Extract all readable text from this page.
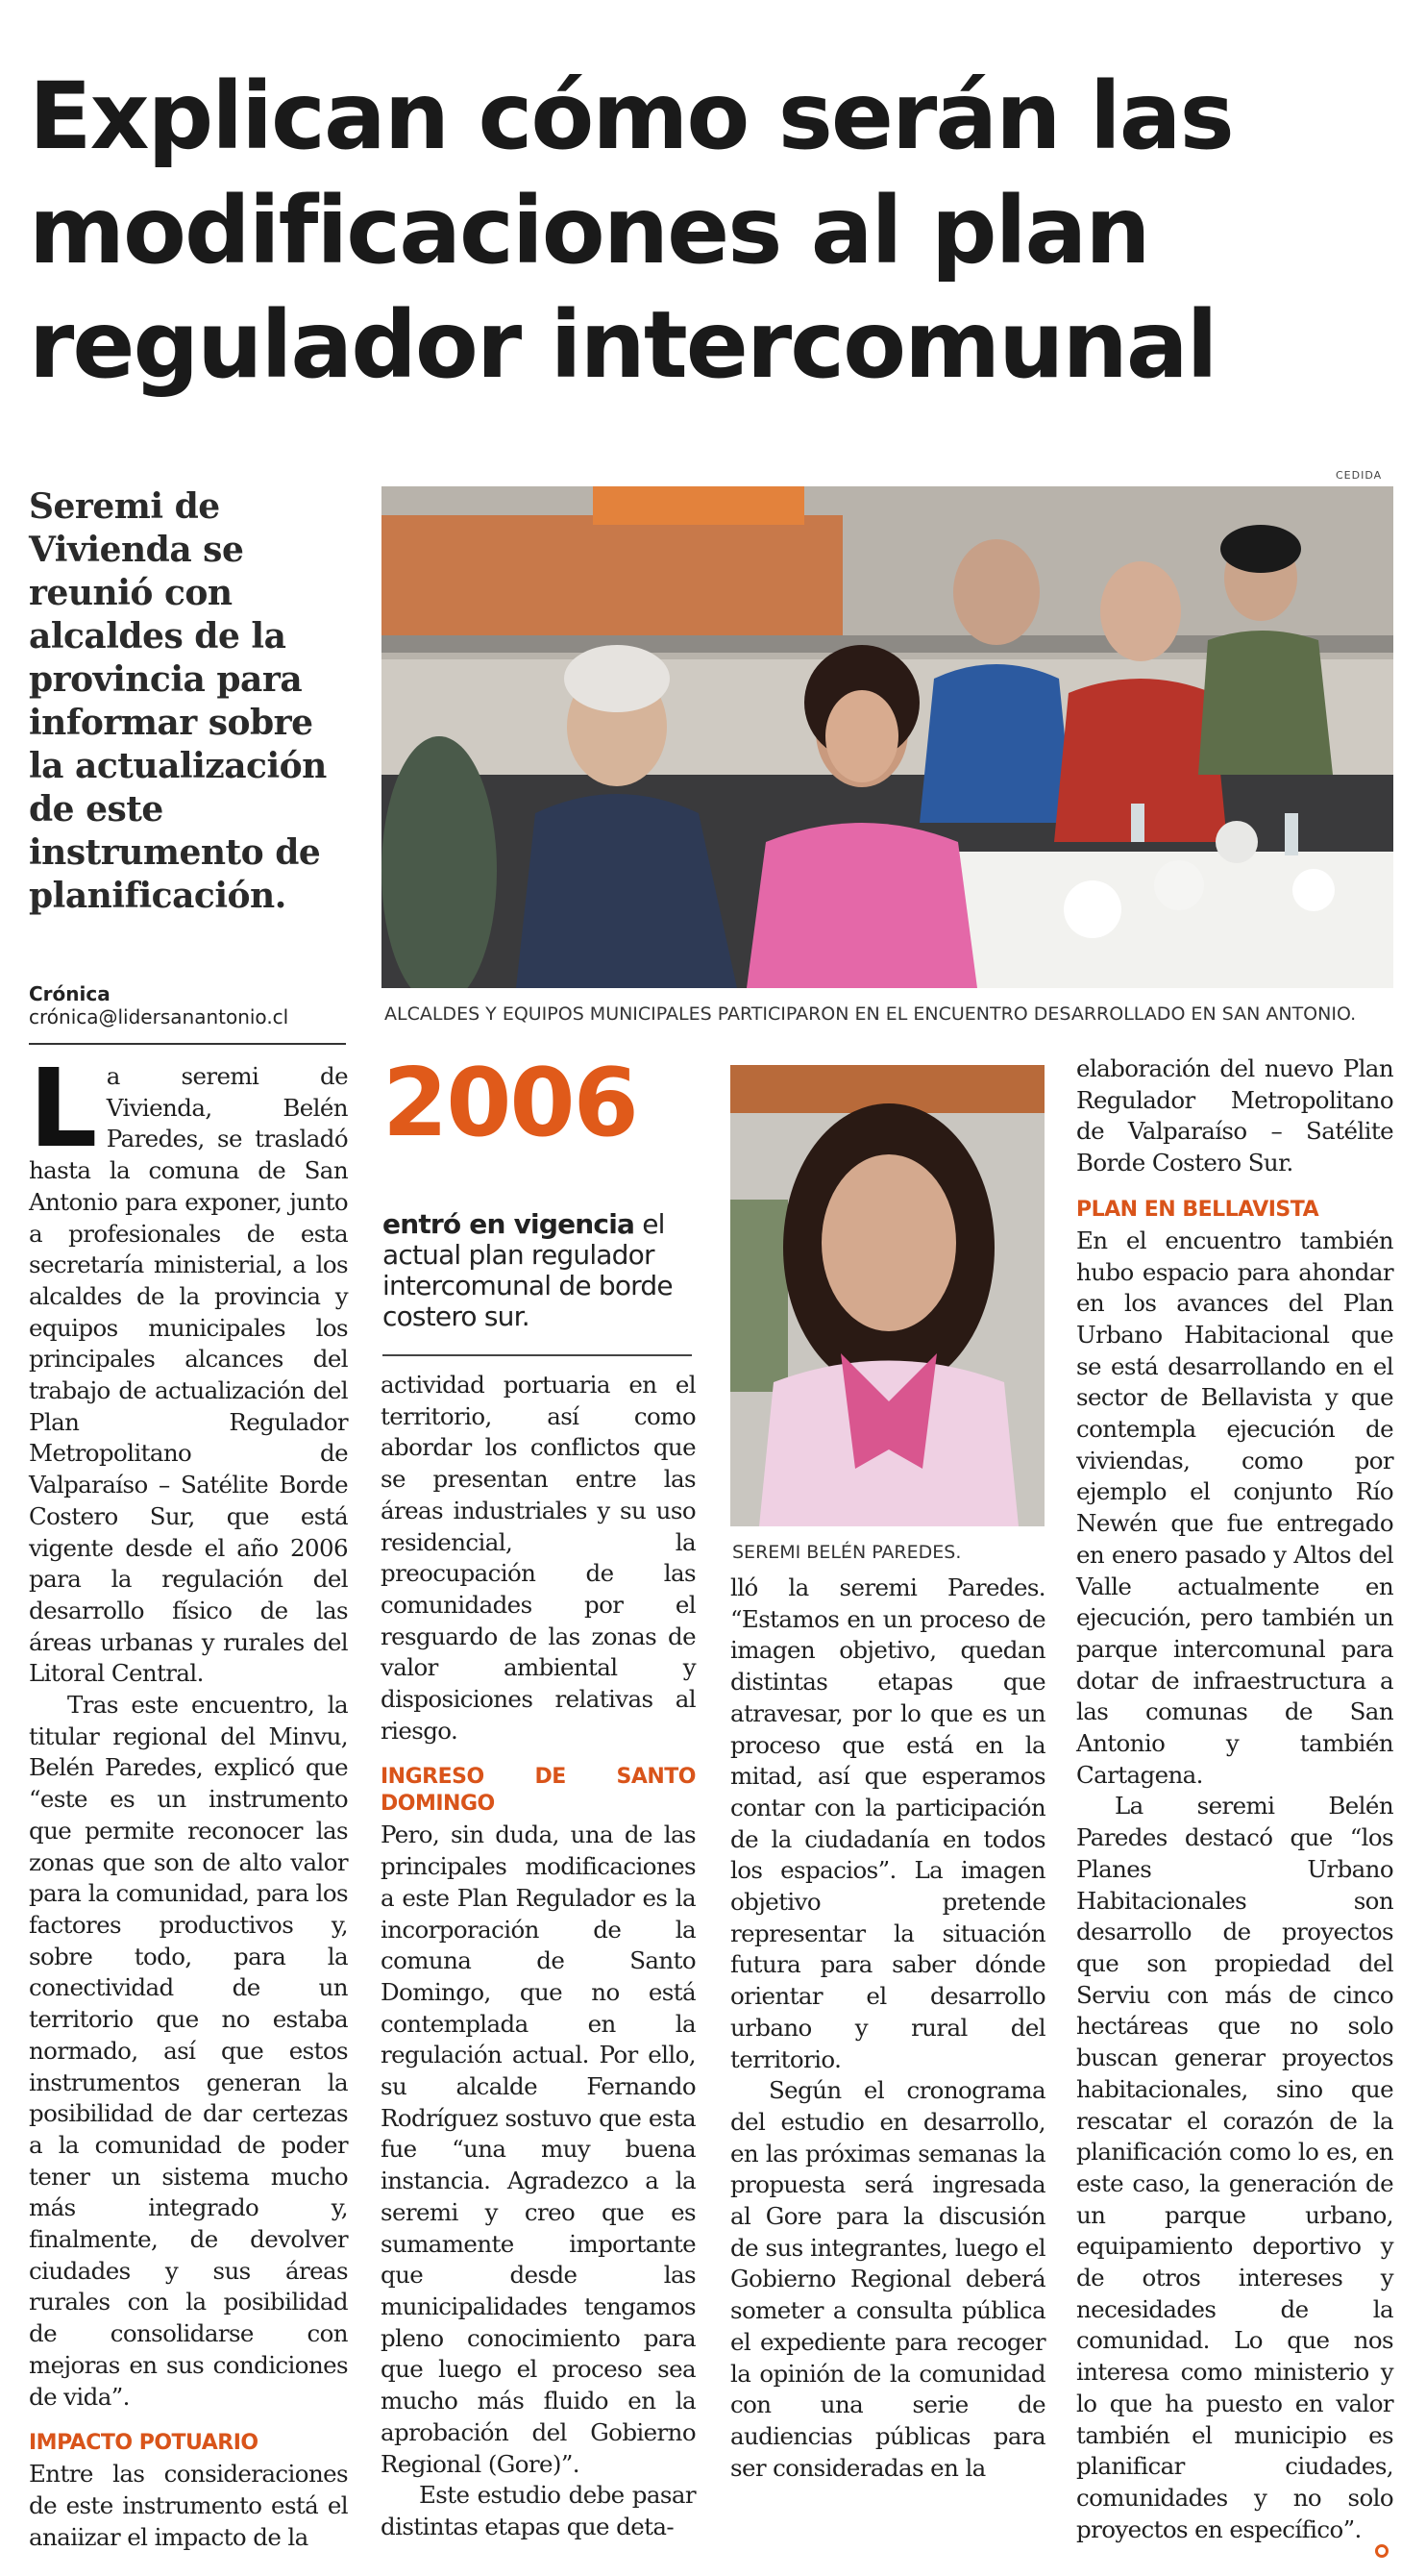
Explican cómo serán las modificaciones al plan regulador intercomunal

Seremi de Vivienda se reunió con alcaldes de la provincia para informar sobre la actualización de este instrumento de planificación.

CEDIDA
ALCALDES Y EQUIPOS MUNICIPALES PARTICIPARON EN EL ENCUENTRO DESARROLLADO EN SAN ANTONIO.
Crónica
crónica@lidersanantonio.cl

La seremi de Vivienda, Belén Paredes, se trasladó hasta la comuna de San Antonio para exponer, junto a profesionales de esta secretaría ministerial, a los alcaldes de la provincia y equipos municipales los principales alcances del trabajo de actualización del Plan Regulador Metropolitano de Valparaíso – Satélite Borde Costero Sur, que está vigente desde el año 2006 para la regulación del desarrollo físico de las áreas urbanas y rurales del Litoral Central.

Tras este encuentro, la titular regional del Minvu, Belén Paredes, explicó que “este es un instrumento que permite reconocer las zonas que son de alto valor para la comunidad, para los factores productivos y, sobre todo, para la conectividad de un territorio que no estaba normado, así que estos instrumentos generan la posibilidad de dar certezas a la comunidad de poder tener un sistema mucho más integrado y, finalmente, de devolver ciudades y sus áreas rurales con la posibilidad de consolidarse con mejoras en sus condiciones de vida”.

IMPACTO POTUARIO

Entre las consideraciones de este instrumento está el anaiizar el impacto de la

2006

entró en vigencia el actual plan regulador intercomunal de borde costero sur.

actividad portuaria en el territorio, así como abordar los conflictos que se presentan entre las áreas industriales y su uso residencial, la preocupación de las comunidades por el resguardo de las zonas de valor ambiental y disposiciones relativas al riesgo.

INGRESO DE SANTO DOMINGO

Pero, sin duda, una de las principales modificaciones a este Plan Regulador es la incorporación de la comuna de Santo Domingo, que no está contemplada en la regulación actual. Por ello, su alcalde Fernando Rodríguez sostuvo que esta fue “una muy buena instancia. Agradezco a la seremi y creo que es sumamente importante que desde las municipalidades tengamos pleno conocimiento para que luego el proceso sea mucho más fluido en la aprobación del Gobierno Regional (Gore)”.

Este estudio debe pasar distintas etapas que deta-

SEREMI BELÉN PAREDES.

lló la seremi Paredes. “Estamos en un proceso de imagen objetivo, quedan distintas etapas que atravesar, por lo que es un proceso que está en la mitad, así que esperamos contar con la participación de la ciudadanía en todos los espacios”. La imagen objetivo pretende representar la situación futura para saber dónde orientar el desarrollo urbano y rural del territorio.

Según el cronograma del estudio en desarrollo, en las próximas semanas la propuesta será ingresada al Gore para la discusión de sus integrantes, luego el Gobierno Regional deberá someter a consulta pública el expediente para recoger la opinión de la comunidad con una serie de audiencias públicas para ser consideradas en la

elaboración del nuevo Plan Regulador Metropolitano de Valparaíso – Satélite Borde Costero Sur.

PLAN EN BELLAVISTA

En el encuentro también hubo espacio para ahondar en los avances del Plan Urbano Habitacional que se está desarrollando en el sector de Bellavista y que contempla ejecución de viviendas, como por ejemplo el conjunto Río Newén que fue entregado en enero pasado y Altos del Valle actualmente en ejecución, pero también un parque intercomunal para dotar de infraestructura a las comunas de San Antonio y también Cartagena.

La seremi Belén Paredes destacó que “los Planes Urbano Habitacionales son desarrollo de proyectos que son propiedad del Serviu con más de cinco hectáreas que no solo buscan generar proyectos habitacionales, sino que rescatar el corazón de la planificación como lo es, en este caso, la generación de un parque urbano, equipamiento deportivo y de otros intereses y necesidades de la comunidad. Lo que nos interesa como ministerio y lo que ha puesto en valor también el municipio es planificar ciudades, comunidades y no solo proyectos en específico”.
